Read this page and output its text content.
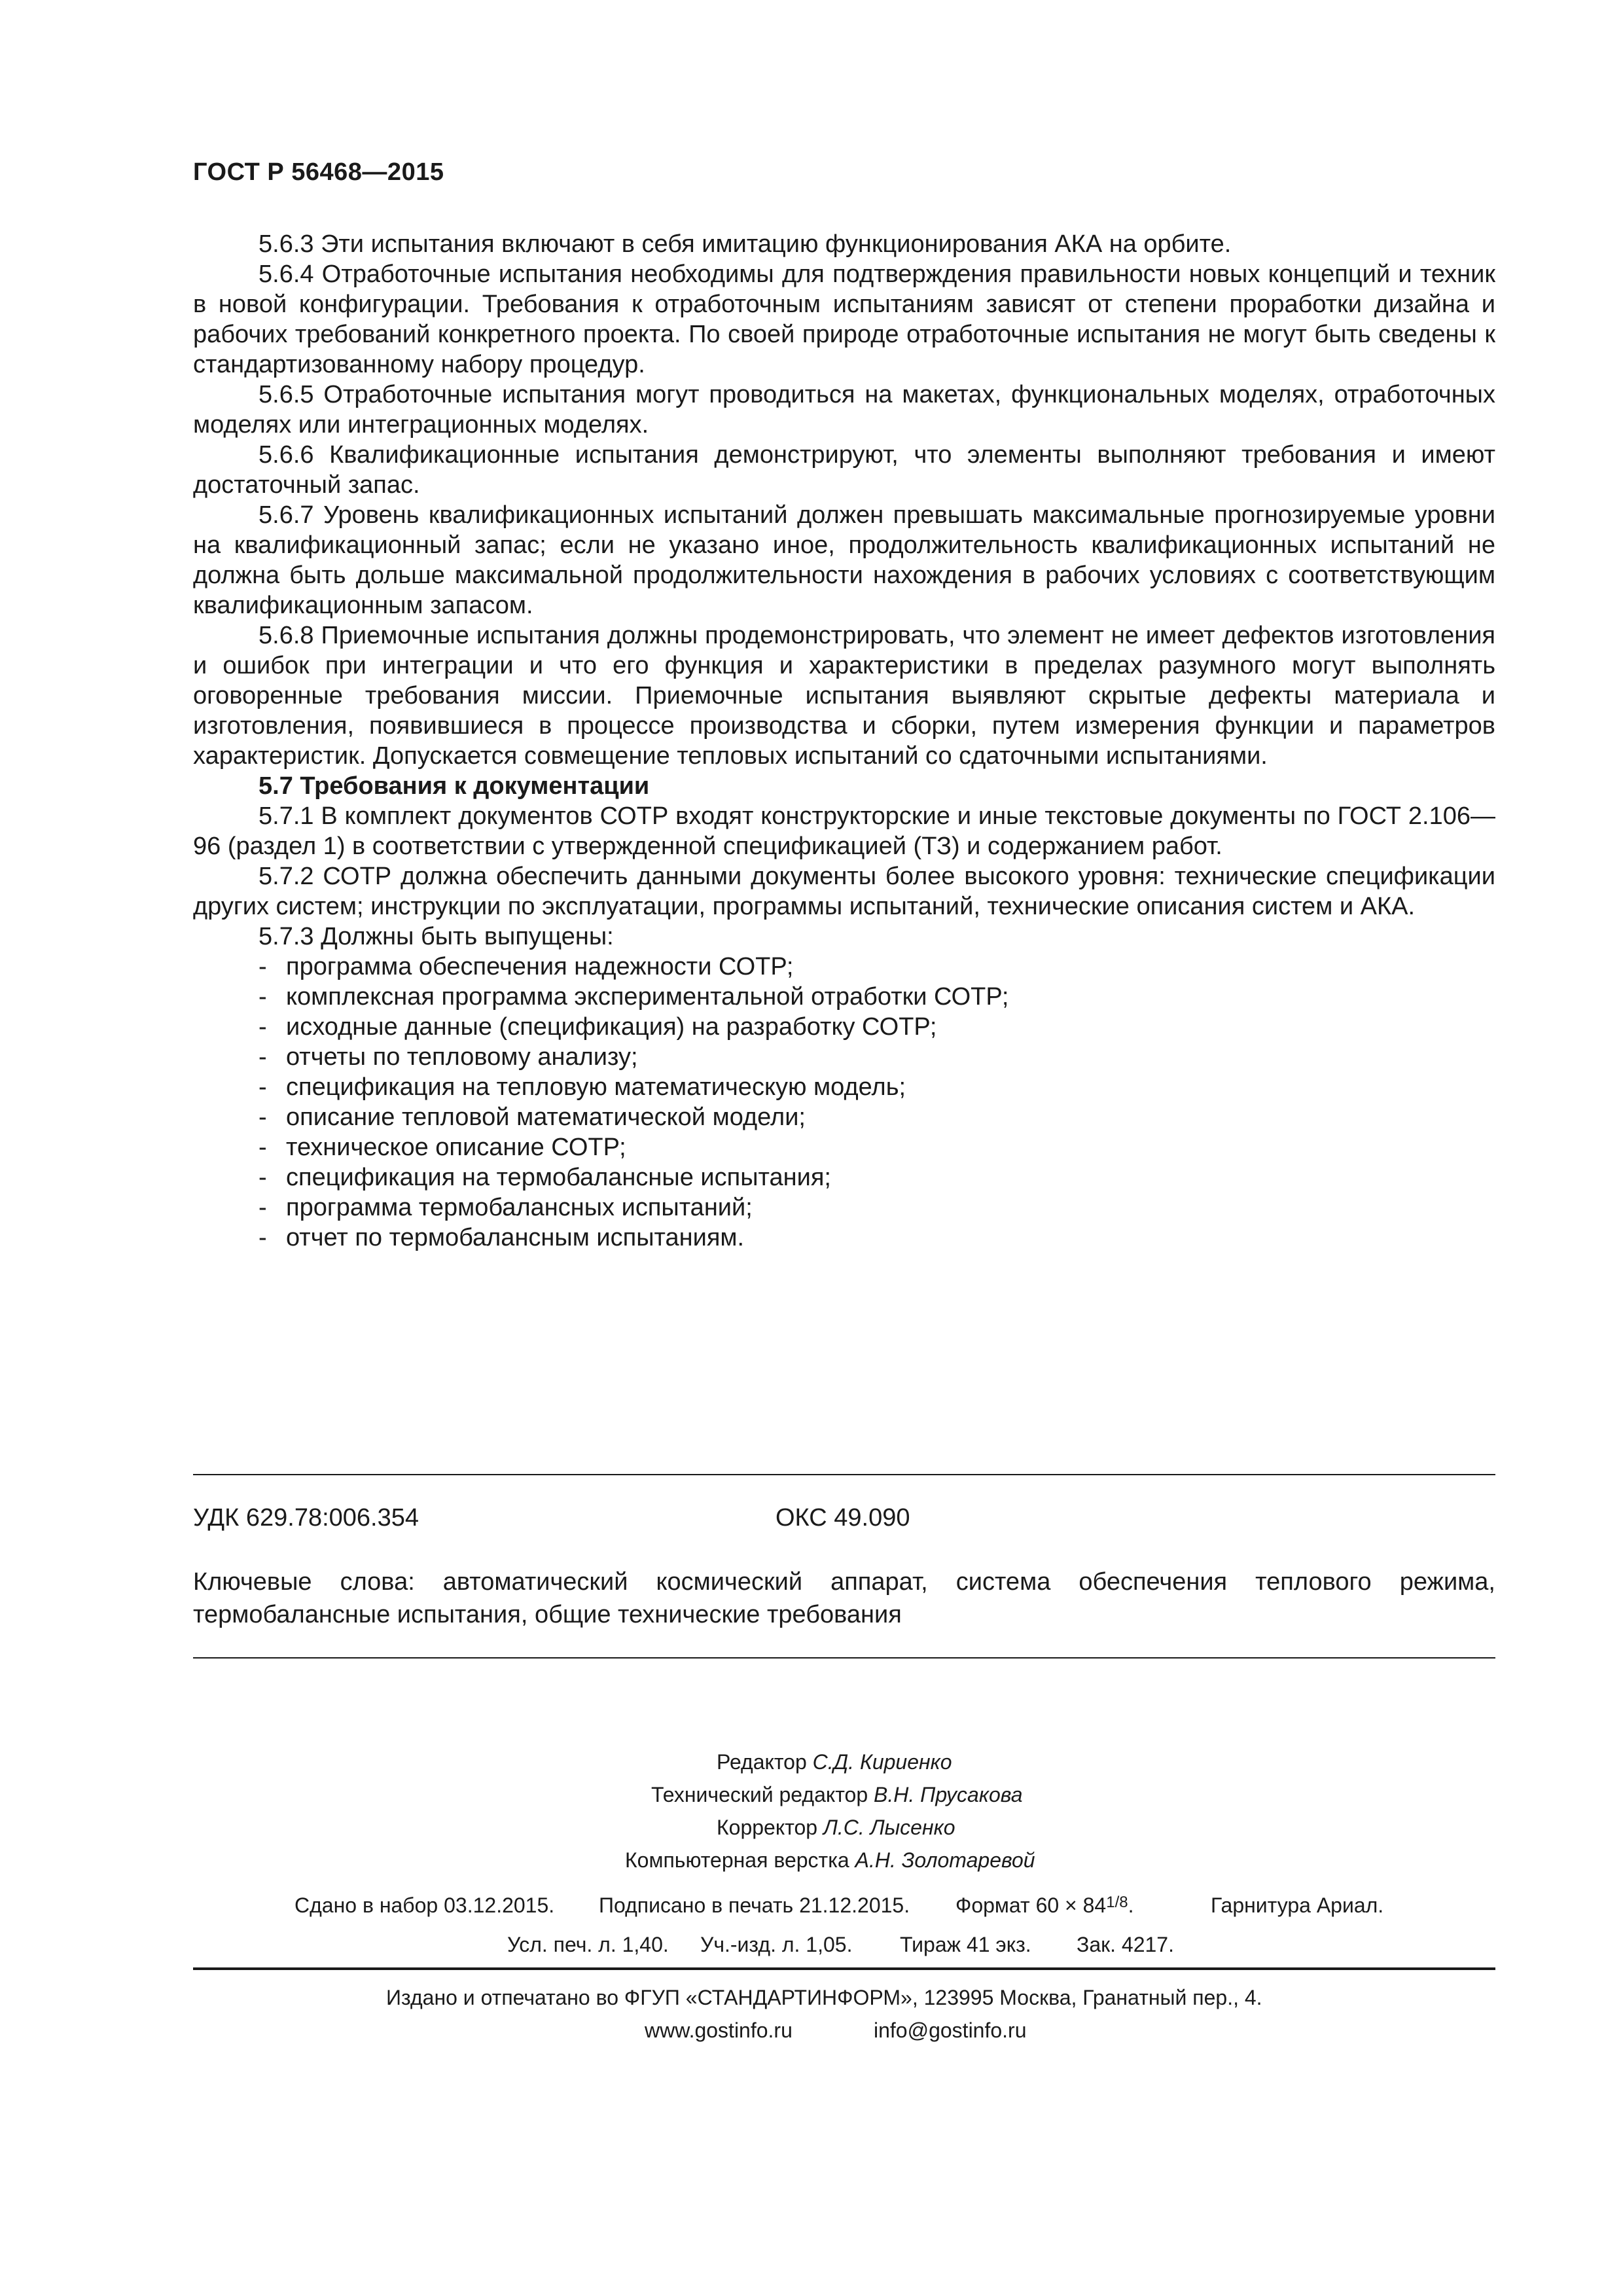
ГОСТ Р 56468—2015

5.6.3 Эти испытания включают в себя имитацию функционирования АКА на орбите.

5.6.4 Отработочные испытания необходимы для подтверждения правильности новых концепций и техник в новой конфигурации. Требования к отработочным испытаниям зависят от степени проработки дизайна и рабочих требований конкретного проекта. По своей природе отработочные испытания не могут быть сведены к стандартизованному набору процедур.

5.6.5 Отработочные испытания могут проводиться на макетах, функциональных моделях, отработочных моделях или интеграционных моделях.

5.6.6 Квалификационные испытания демонстрируют, что элементы выполняют требования и имеют достаточный запас.

5.6.7 Уровень квалификационных испытаний должен превышать максимальные прогнозируемые уровни на квалификационный запас; если не указано иное, продолжительность квалификационных испытаний не должна быть дольше максимальной продолжительности нахождения в рабочих условиях с соответствующим квалификационным запасом.

5.6.8 Приемочные испытания должны продемонстрировать, что элемент не имеет дефектов изготовления и ошибок при интеграции и что его функция и характеристики в пределах разумного могут выполнять оговоренные требования миссии. Приемочные испытания выявляют скрытые дефекты материала и изготовления, появившиеся в процессе производства и сборки, путем измерения функции и параметров характеристик. Допускается совмещение тепловых испытаний со сдаточными испытаниями.

5.7 Требования к документации

5.7.1 В комплект документов СОТР входят конструкторские и иные текстовые документы по ГОСТ 2.106—96 (раздел 1) в соответствии с утвержденной спецификацией (ТЗ) и содержанием работ.

5.7.2 СОТР должна обеспечить данными документы более высокого уровня: технические спецификации других систем; инструкции по эксплуатации, программы испытаний, технические описания систем и АКА.

5.7.3 Должны быть выпущены:

- программа обеспечения надежности СОТР;
- комплексная программа экспериментальной отработки СОТР;
- исходные данные (спецификация) на разработку СОТР;
- отчеты по тепловому анализу;
- спецификация на тепловую математическую модель;
- описание тепловой математической модели;
- техническое описание СОТР;
- спецификация на термобалансные испытания;
- программа термобалансных испытаний;
- отчет по термобалансным испытаниям.
УДК 629.78:006.354	ОКС 49.090
Ключевые слова: автоматический космический аппарат, система обеспечения теплового режима, термобалансные испытания, общие технические требования
Редактор С.Д. Кириенко
Технический редактор В.Н. Прусакова
Корректор Л.С. Лысенко
Компьютерная верстка А.Н. Золотаревой
Сдано в набор 03.12.2015. Подписано в печать 21.12.2015. Формат $60 \times 84^{1/8}$.	Гарнитура Ариал.
Усл. печ. л. 1,40. Уч.-изд. л. 1,05. Тираж 41 экз. Зак. 4217.
Издано и отпечатано во ФГУП «СТАНДАРТИНФОРМ», 123995 Москва, Гранатный пер., 4.
www.gostinfo.ru	info@gostinfo.ru
